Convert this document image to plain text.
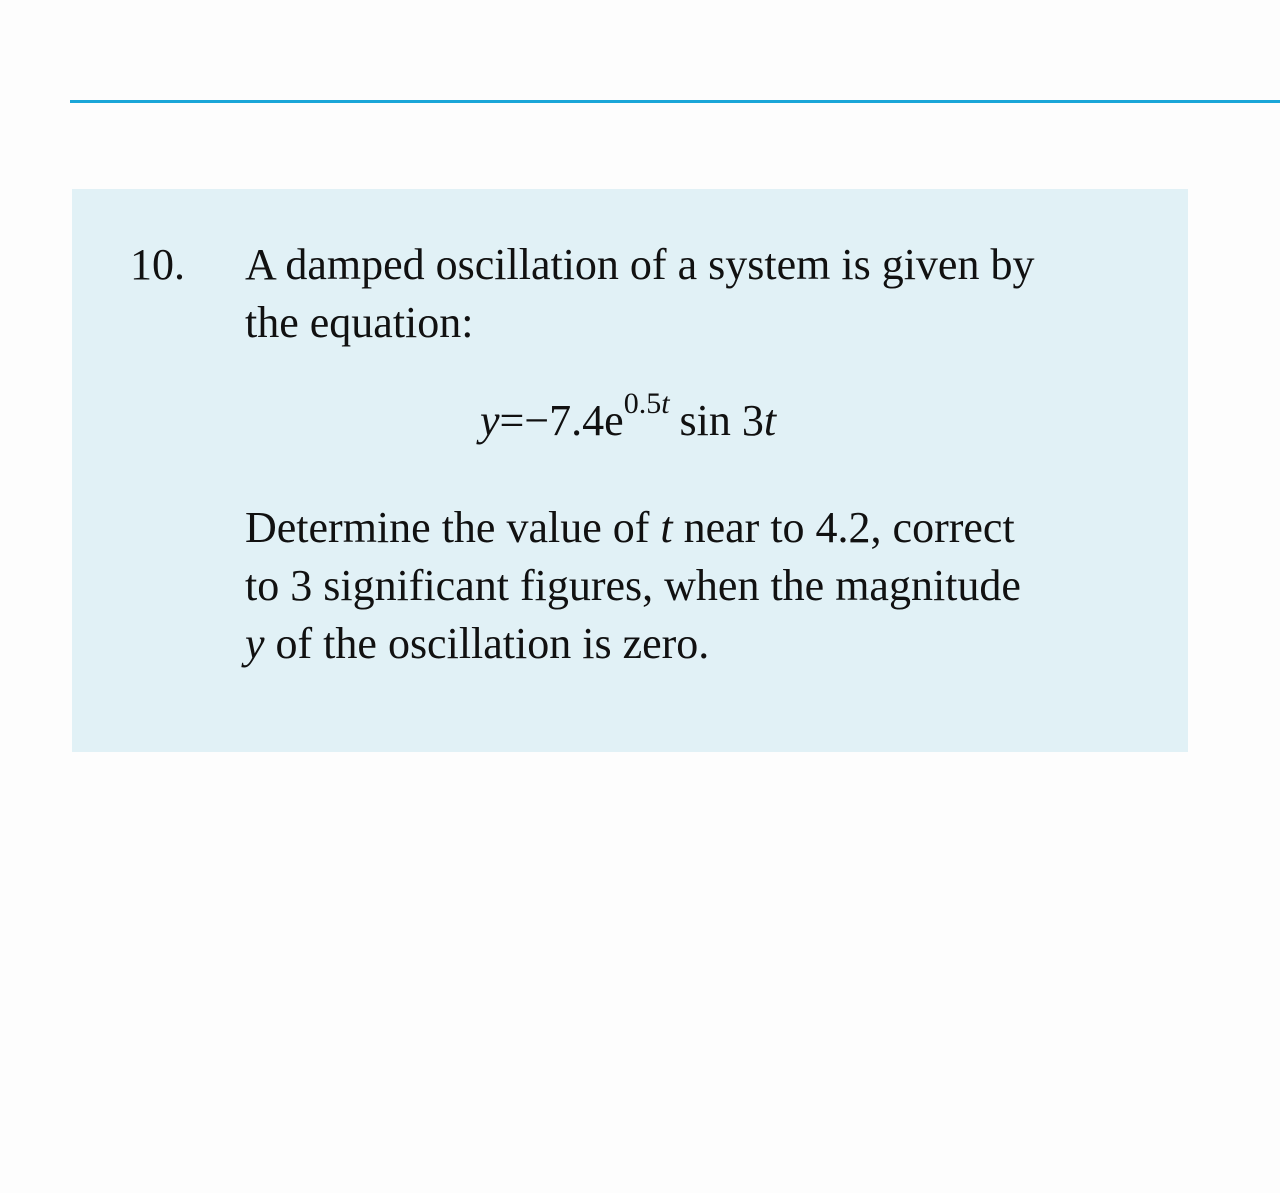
10. A damped oscillation of a system is given by
the equation:

$y=-7.4e^{0.5t}$ sin 3t

Determine the value of t near to 4.2, correct
to 3 significant figures, when the magnitude
y of the oscillation is zero.
